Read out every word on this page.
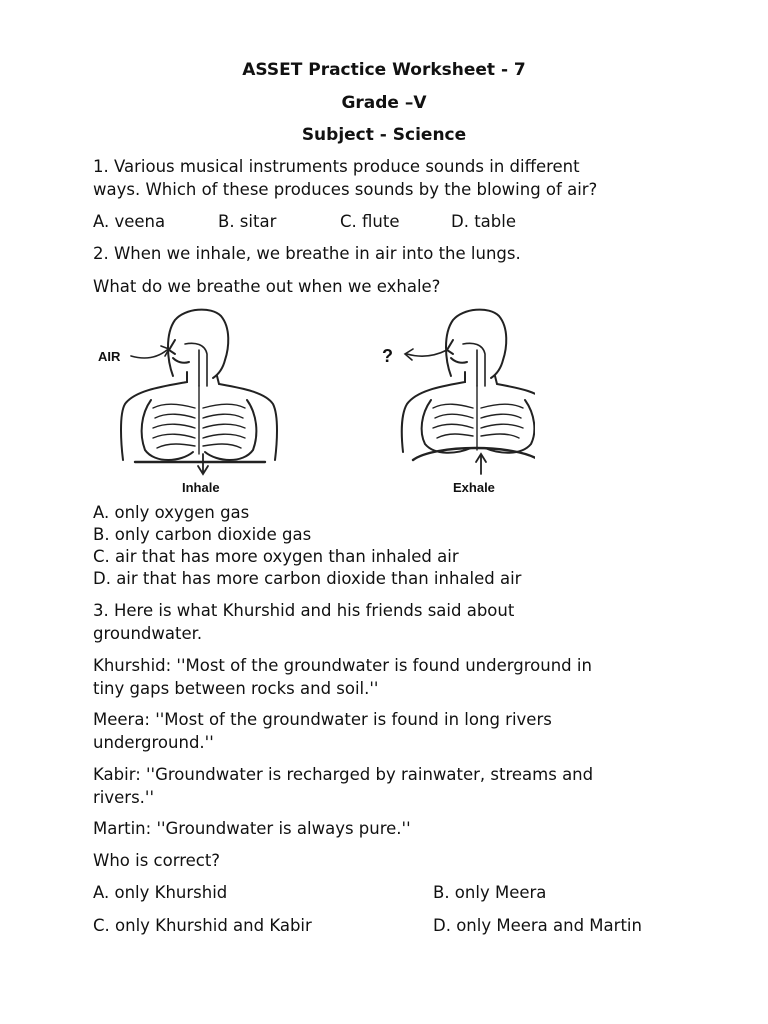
ASSET Practice Worksheet - 7
Grade –V
Subject - Science
1. Various musical instruments produce sounds in different
ways. Which of these produces sounds by the blowing of air?
A. veena	B. sitar	C. flute	D. table
2. When we inhale, we breathe in air into the lungs.
What do we breathe out when we exhale?
AIR
Inhale
?
Exhale
A. only oxygen gas
B. only carbon dioxide gas
C. air that has more oxygen than inhaled air
D. air that has more carbon dioxide than inhaled air
3. Here is what Khurshid and his friends said about
groundwater.
Khurshid: ''Most of the groundwater is found underground in
tiny gaps between rocks and soil.''
Meera: ''Most of the groundwater is found in long rivers
underground.''
Kabir: ''Groundwater is recharged by rainwater, streams and
rivers.''
Martin: ''Groundwater is always pure.''
Who is correct?
A. only Khurshid	B. only Meera
C. only Khurshid and Kabir	D. only Meera and Martin
